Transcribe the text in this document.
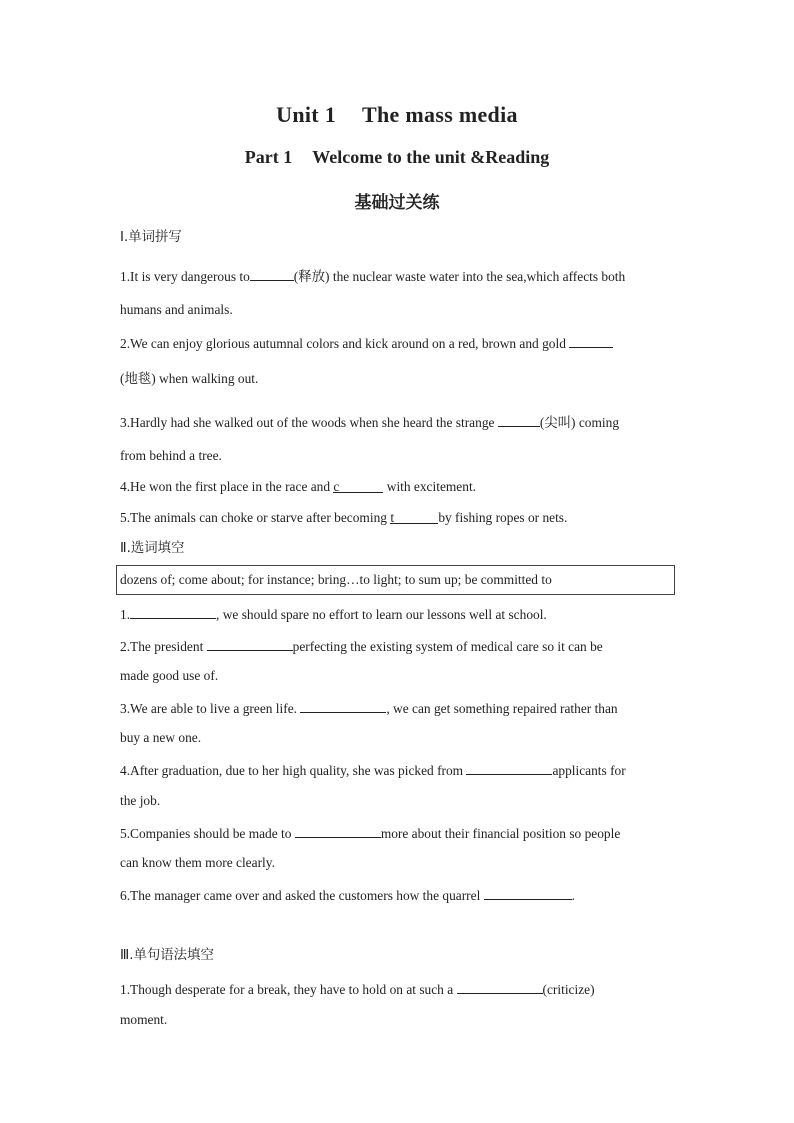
Unit 1 The mass media
Part 1 Welcome to the unit &Reading
基础过关练
Ⅰ.单词拼写
1.It is very dangerous to	(释放) the nuclear waste water into the sea,which affects both
humans and animals.
2.We can enjoy glorious autumnal colors and kick around on a red, brown and gold
(地毯) when walking out.
3.Hardly had she walked out of the woods when she heard the strange	(尖叫) coming
from behind a tree.
4.He won the first place in the race and c	with excitement.
5.The animals can choke or starve after becoming t	by fishing ropes or nets.
Ⅱ.选词填空
dozens of; come about; for instance; bring…to light; to sum up; be committed to
1.	, we should spare no effort to learn our lessons well at school.
2.The president	perfecting the existing system of medical care so it can be
made good use of.
3.We are able to live a green life.	, we can get something repaired rather than
buy a new one.
4.After graduation, due to her high quality, she was picked from	applicants for
the job.
5.Companies should be made to	more about their financial position so people
can know them more clearly.
6.The manager came over and asked the customers how the quarrel	.
Ⅲ.单句语法填空
1.Though desperate for a break, they have to hold on at such a	(criticize)
moment.
